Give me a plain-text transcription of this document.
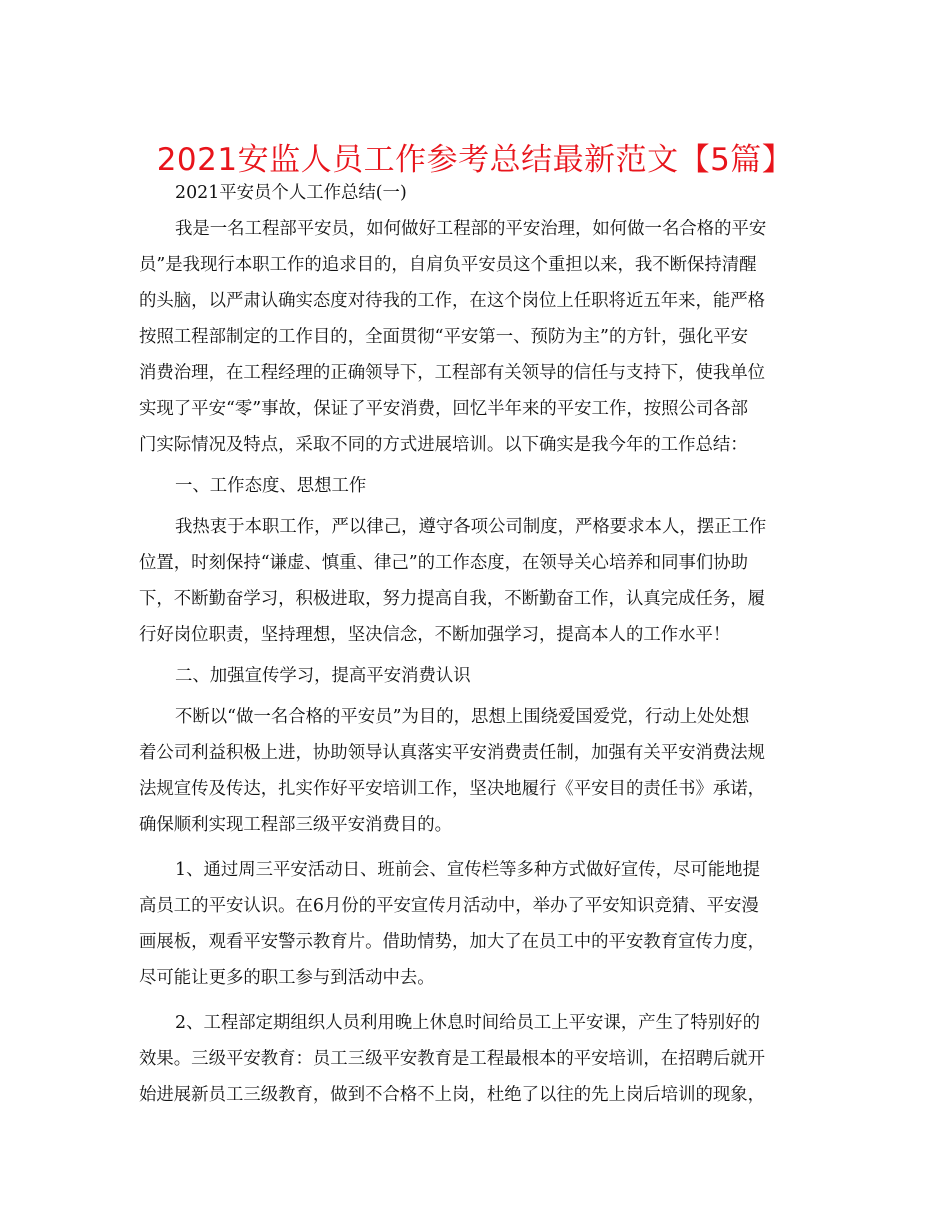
2021安监人员工作参考总结最新范文【5篇】
2021平安员个人工作总结(一)
我是一名工程部平安员，如何做好工程部的平安治理，如何做一名合格的平安
员”是我现行本职工作的追求目的，自肩负平安员这个重担以来，我不断保持清醒
的头脑，以严肃认确实态度对待我的工作，在这个岗位上任职将近五年来，能严格
按照工程部制定的工作目的，全面贯彻“平安第一、预防为主”的方针，强化平安
消费治理，在工程经理的正确领导下，工程部有关领导的信任与支持下，使我单位
实现了平安“零”事故，保证了平安消费，回忆半年来的平安工作，按照公司各部
门实际情况及特点，采取不同的方式进展培训。以下确实是我今年的工作总结：
一、工作态度、思想工作
我热衷于本职工作，严以律己，遵守各项公司制度，严格要求本人，摆正工作
位置，时刻保持“谦虚、慎重、律己”的工作态度，在领导关心培养和同事们协助
下，不断勤奋学习，积极进取，努力提高自我，不断勤奋工作，认真完成任务，履
行好岗位职责，坚持理想，坚决信念，不断加强学习，提高本人的工作水平！
二、加强宣传学习，提高平安消费认识
不断以“做一名合格的平安员”为目的，思想上围绕爱国爱党，行动上处处想
着公司利益积极上进，协助领导认真落实平安消费责任制，加强有关平安消费法规
法规宣传及传达，扎实作好平安培训工作，坚决地履行《平安目的责任书》承诺，
确保顺利实现工程部三级平安消费目的。
1、通过周三平安活动日、班前会、宣传栏等多种方式做好宣传，尽可能地提
高员工的平安认识。在6月份的平安宣传月活动中，举办了平安知识竞猜、平安漫
画展板，观看平安警示教育片。借助情势，加大了在员工中的平安教育宣传力度，
尽可能让更多的职工参与到活动中去。
2、工程部定期组织人员利用晚上休息时间给员工上平安课，产生了特别好的
效果。三级平安教育：员工三级平安教育是工程最根本的平安培训，在招聘后就开
始进展新员工三级教育，做到不合格不上岗，杜绝了以往的先上岗后培训的现象，
